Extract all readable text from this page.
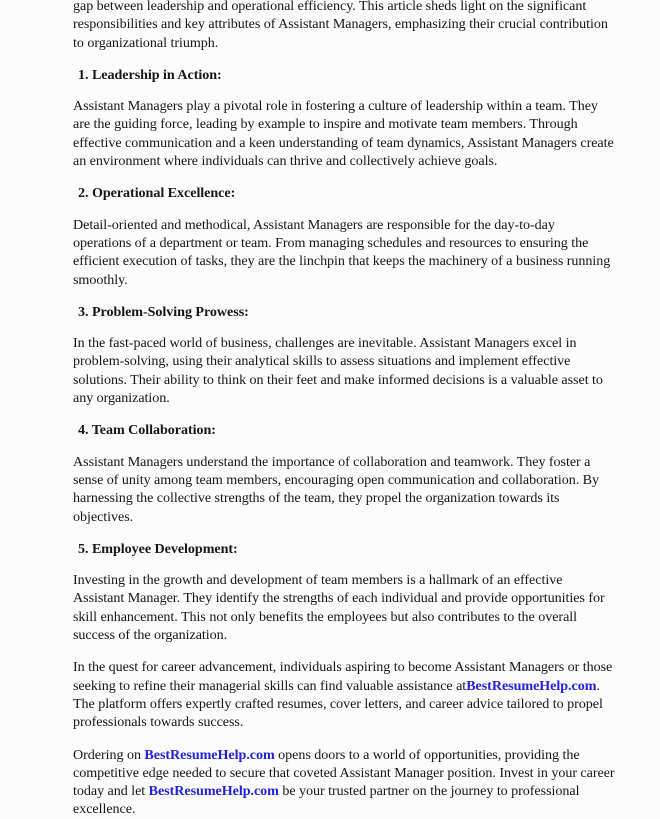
gap between leadership and operational efficiency. This article sheds light on the significant responsibilities and key attributes of Assistant Managers, emphasizing their crucial contribution to organizational triumph.

1. Leadership in Action:

Assistant Managers play a pivotal role in fostering a culture of leadership within a team. They are the guiding force, leading by example to inspire and motivate team members. Through effective communication and a keen understanding of team dynamics, Assistant Managers create an environment where individuals can thrive and collectively achieve goals.

2. Operational Excellence:

Detail-oriented and methodical, Assistant Managers are responsible for the day-to-day operations of a department or team. From managing schedules and resources to ensuring the efficient execution of tasks, they are the linchpin that keeps the machinery of a business running smoothly.

3. Problem-Solving Prowess:

In the fast-paced world of business, challenges are inevitable. Assistant Managers excel in problem-solving, using their analytical skills to assess situations and implement effective solutions. Their ability to think on their feet and make informed decisions is a valuable asset to any organization.

4. Team Collaboration:

Assistant Managers understand the importance of collaboration and teamwork. They foster a sense of unity among team members, encouraging open communication and collaboration. By harnessing the collective strengths of the team, they propel the organization towards its objectives.

5. Employee Development:

Investing in the growth and development of team members is a hallmark of an effective Assistant Manager. They identify the strengths of each individual and provide opportunities for skill enhancement. This not only benefits the employees but also contributes to the overall success of the organization.

In the quest for career advancement, individuals aspiring to become Assistant Managers or those seeking to refine their managerial skills can find valuable assistance atBestResumeHelp.com. The platform offers expertly crafted resumes, cover letters, and career advice tailored to propel professionals towards success.

Ordering on BestResumeHelp.com opens doors to a world of opportunities, providing the competitive edge needed to secure that coveted Assistant Manager position. Invest in your career today and let BestResumeHelp.com be your trusted partner on the journey to professional excellence.
